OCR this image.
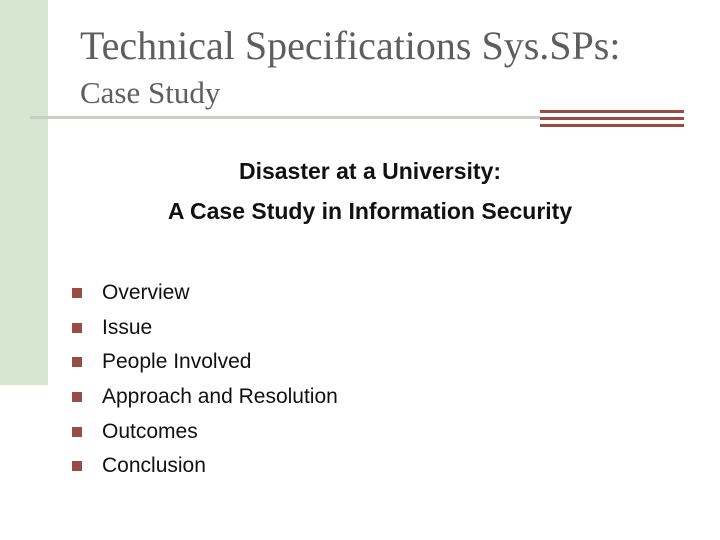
Technical Specifications Sys.SPs:
Case Study
Disaster at a University:
A Case Study in Information Security
Overview
Issue
People Involved
Approach and Resolution
Outcomes
Conclusion
